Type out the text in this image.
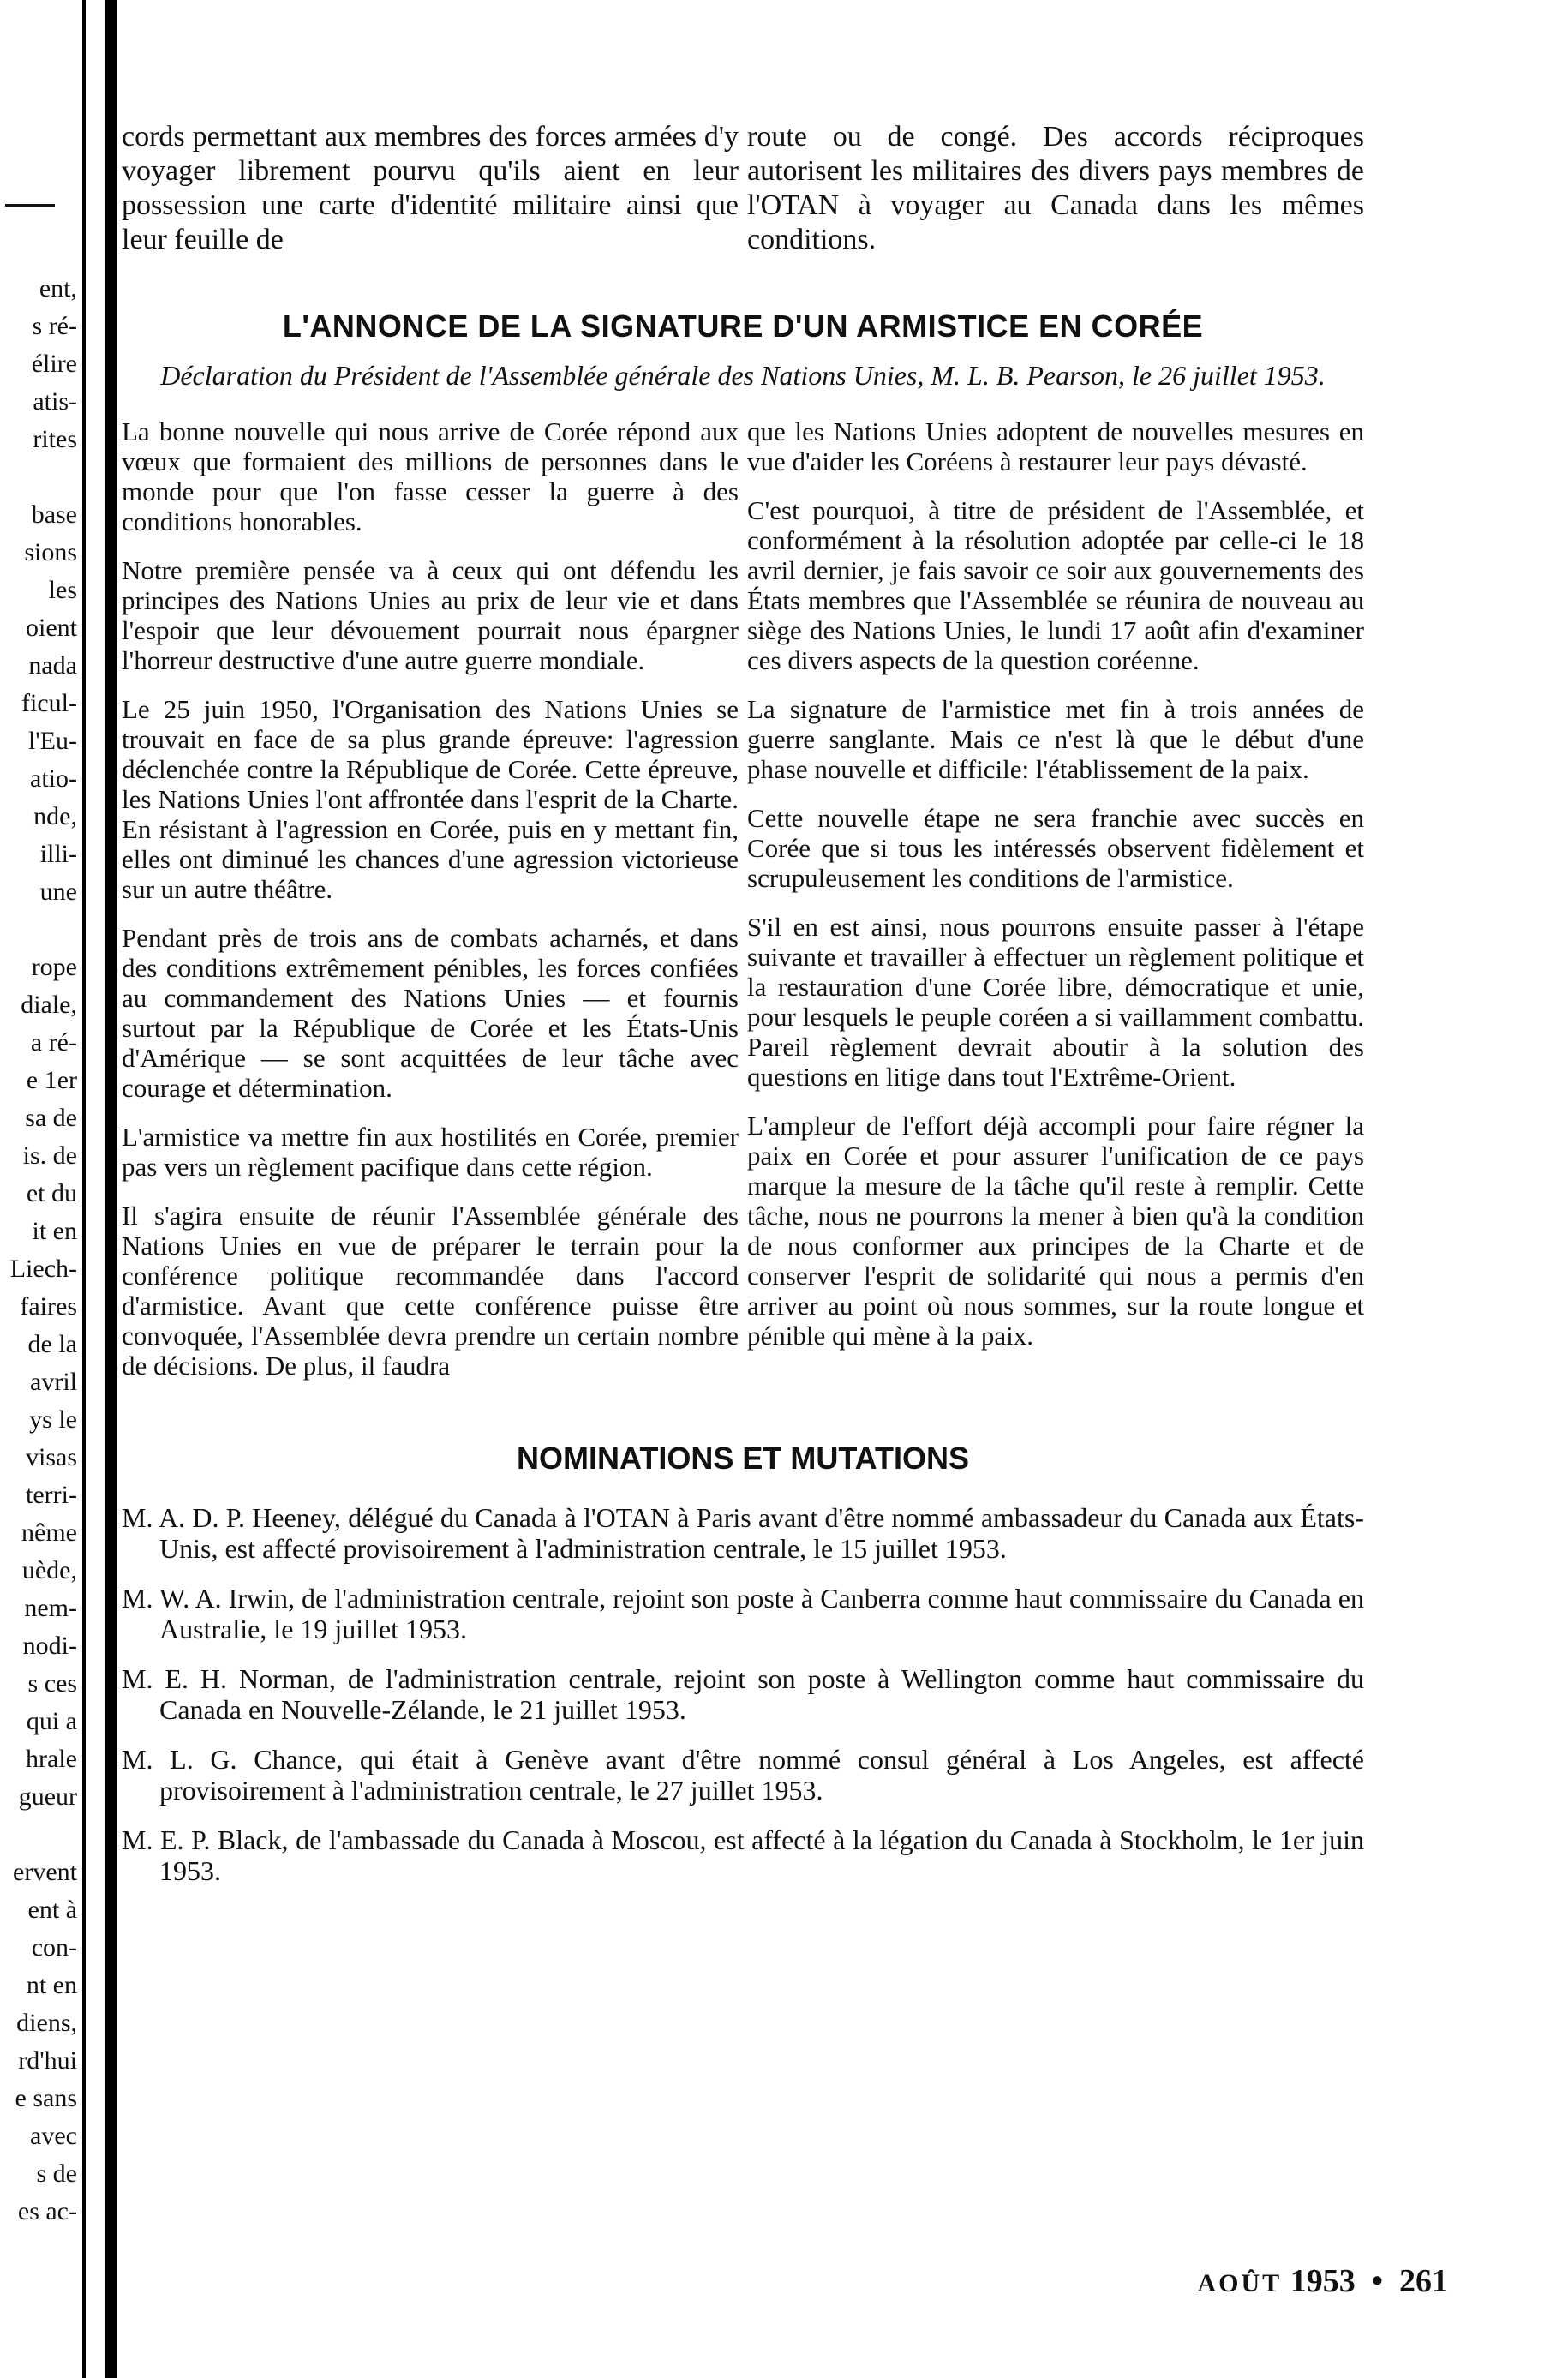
ent,
s ré-
élire
atis-
rites
base
sions
les
oient
nada
ficul-
l'Eu-
atio-
nde,
illi-
une
rope
diale,
a ré-
e 1er
sa de
is. de
et du
it en
Liech-
faires
de la
avril
ys le
visas
terri-
nême
uède,
nem-
nodi-
s ces
qui a
hrale
gueur
ervent
ent à
con-
nt en
diens,
rd'hui
e sans
avec
s de
es ac-

cords permettant aux membres des forces armées d'y voyager librement pourvu qu'ils aient en leur possession une carte d'identité militaire ainsi que leur feuille de

route ou de congé. Des accords réciproques autorisent les militaires des divers pays membres de l'OTAN à voyager au Canada dans les mêmes conditions.

L'ANNONCE DE LA SIGNATURE D'UN ARMISTICE EN CORÉE
Déclaration du Président de l'Assemblée générale des Nations Unies, M. L. B. Pearson, le 26 juillet 1953.

La bonne nouvelle qui nous arrive de Corée répond aux vœux que formaient des millions de personnes dans le monde pour que l'on fasse cesser la guerre à des conditions honorables.

Notre première pensée va à ceux qui ont défendu les principes des Nations Unies au prix de leur vie et dans l'espoir que leur dévouement pourrait nous épargner l'horreur destructive d'une autre guerre mondiale.

Le 25 juin 1950, l'Organisation des Nations Unies se trouvait en face de sa plus grande épreuve: l'agression déclenchée contre la République de Corée. Cette épreuve, les Nations Unies l'ont affrontée dans l'esprit de la Charte. En résistant à l'agression en Corée, puis en y mettant fin, elles ont diminué les chances d'une agression victorieuse sur un autre théâtre.

Pendant près de trois ans de combats acharnés, et dans des conditions extrêmement pénibles, les forces confiées au commandement des Nations Unies — et fournis surtout par la République de Corée et les États-Unis d'Amérique — se sont acquittées de leur tâche avec courage et détermination.

L'armistice va mettre fin aux hostilités en Corée, premier pas vers un règlement pacifique dans cette région.

Il s'agira ensuite de réunir l'Assemblée générale des Nations Unies en vue de préparer le terrain pour la conférence politique recommandée dans l'accord d'armistice. Avant que cette conférence puisse être convoquée, l'Assemblée devra prendre un certain nombre de décisions. De plus, il faudra

que les Nations Unies adoptent de nouvelles mesures en vue d'aider les Coréens à restaurer leur pays dévasté.

C'est pourquoi, à titre de président de l'Assemblée, et conformément à la résolution adoptée par celle-ci le 18 avril dernier, je fais savoir ce soir aux gouvernements des États membres que l'Assemblée se réunira de nouveau au siège des Nations Unies, le lundi 17 août afin d'examiner ces divers aspects de la question coréenne.

La signature de l'armistice met fin à trois années de guerre sanglante. Mais ce n'est là que le début d'une phase nouvelle et difficile: l'établissement de la paix.

Cette nouvelle étape ne sera franchie avec succès en Corée que si tous les intéressés observent fidèlement et scrupuleusement les conditions de l'armistice.

S'il en est ainsi, nous pourrons ensuite passer à l'étape suivante et travailler à effectuer un règlement politique et la restauration d'une Corée libre, démocratique et unie, pour lesquels le peuple coréen a si vaillamment combattu. Pareil règlement devrait aboutir à la solution des questions en litige dans tout l'Extrême-Orient.

L'ampleur de l'effort déjà accompli pour faire régner la paix en Corée et pour assurer l'unification de ce pays marque la mesure de la tâche qu'il reste à remplir. Cette tâche, nous ne pourrons la mener à bien qu'à la condition de nous conformer aux principes de la Charte et de conserver l'esprit de solidarité qui nous a permis d'en arriver au point où nous sommes, sur la route longue et pénible qui mène à la paix.

NOMINATIONS ET MUTATIONS

M. A. D. P. Heeney, délégué du Canada à l'OTAN à Paris avant d'être nommé ambassadeur du Canada aux États-Unis, est affecté provisoirement à l'administration centrale, le 15 juillet 1953.

M. W. A. Irwin, de l'administration centrale, rejoint son poste à Canberra comme haut commissaire du Canada en Australie, le 19 juillet 1953.

M. E. H. Norman, de l'administration centrale, rejoint son poste à Wellington comme haut commissaire du Canada en Nouvelle-Zélande, le 21 juillet 1953.

M. L. G. Chance, qui était à Genève avant d'être nommé consul général à Los Angeles, est affecté provisoirement à l'administration centrale, le 27 juillet 1953.

M. E. P. Black, de l'ambassade du Canada à Moscou, est affecté à la légation du Canada à Stockholm, le 1er juin 1953.

AOÛT 1953 • 261
